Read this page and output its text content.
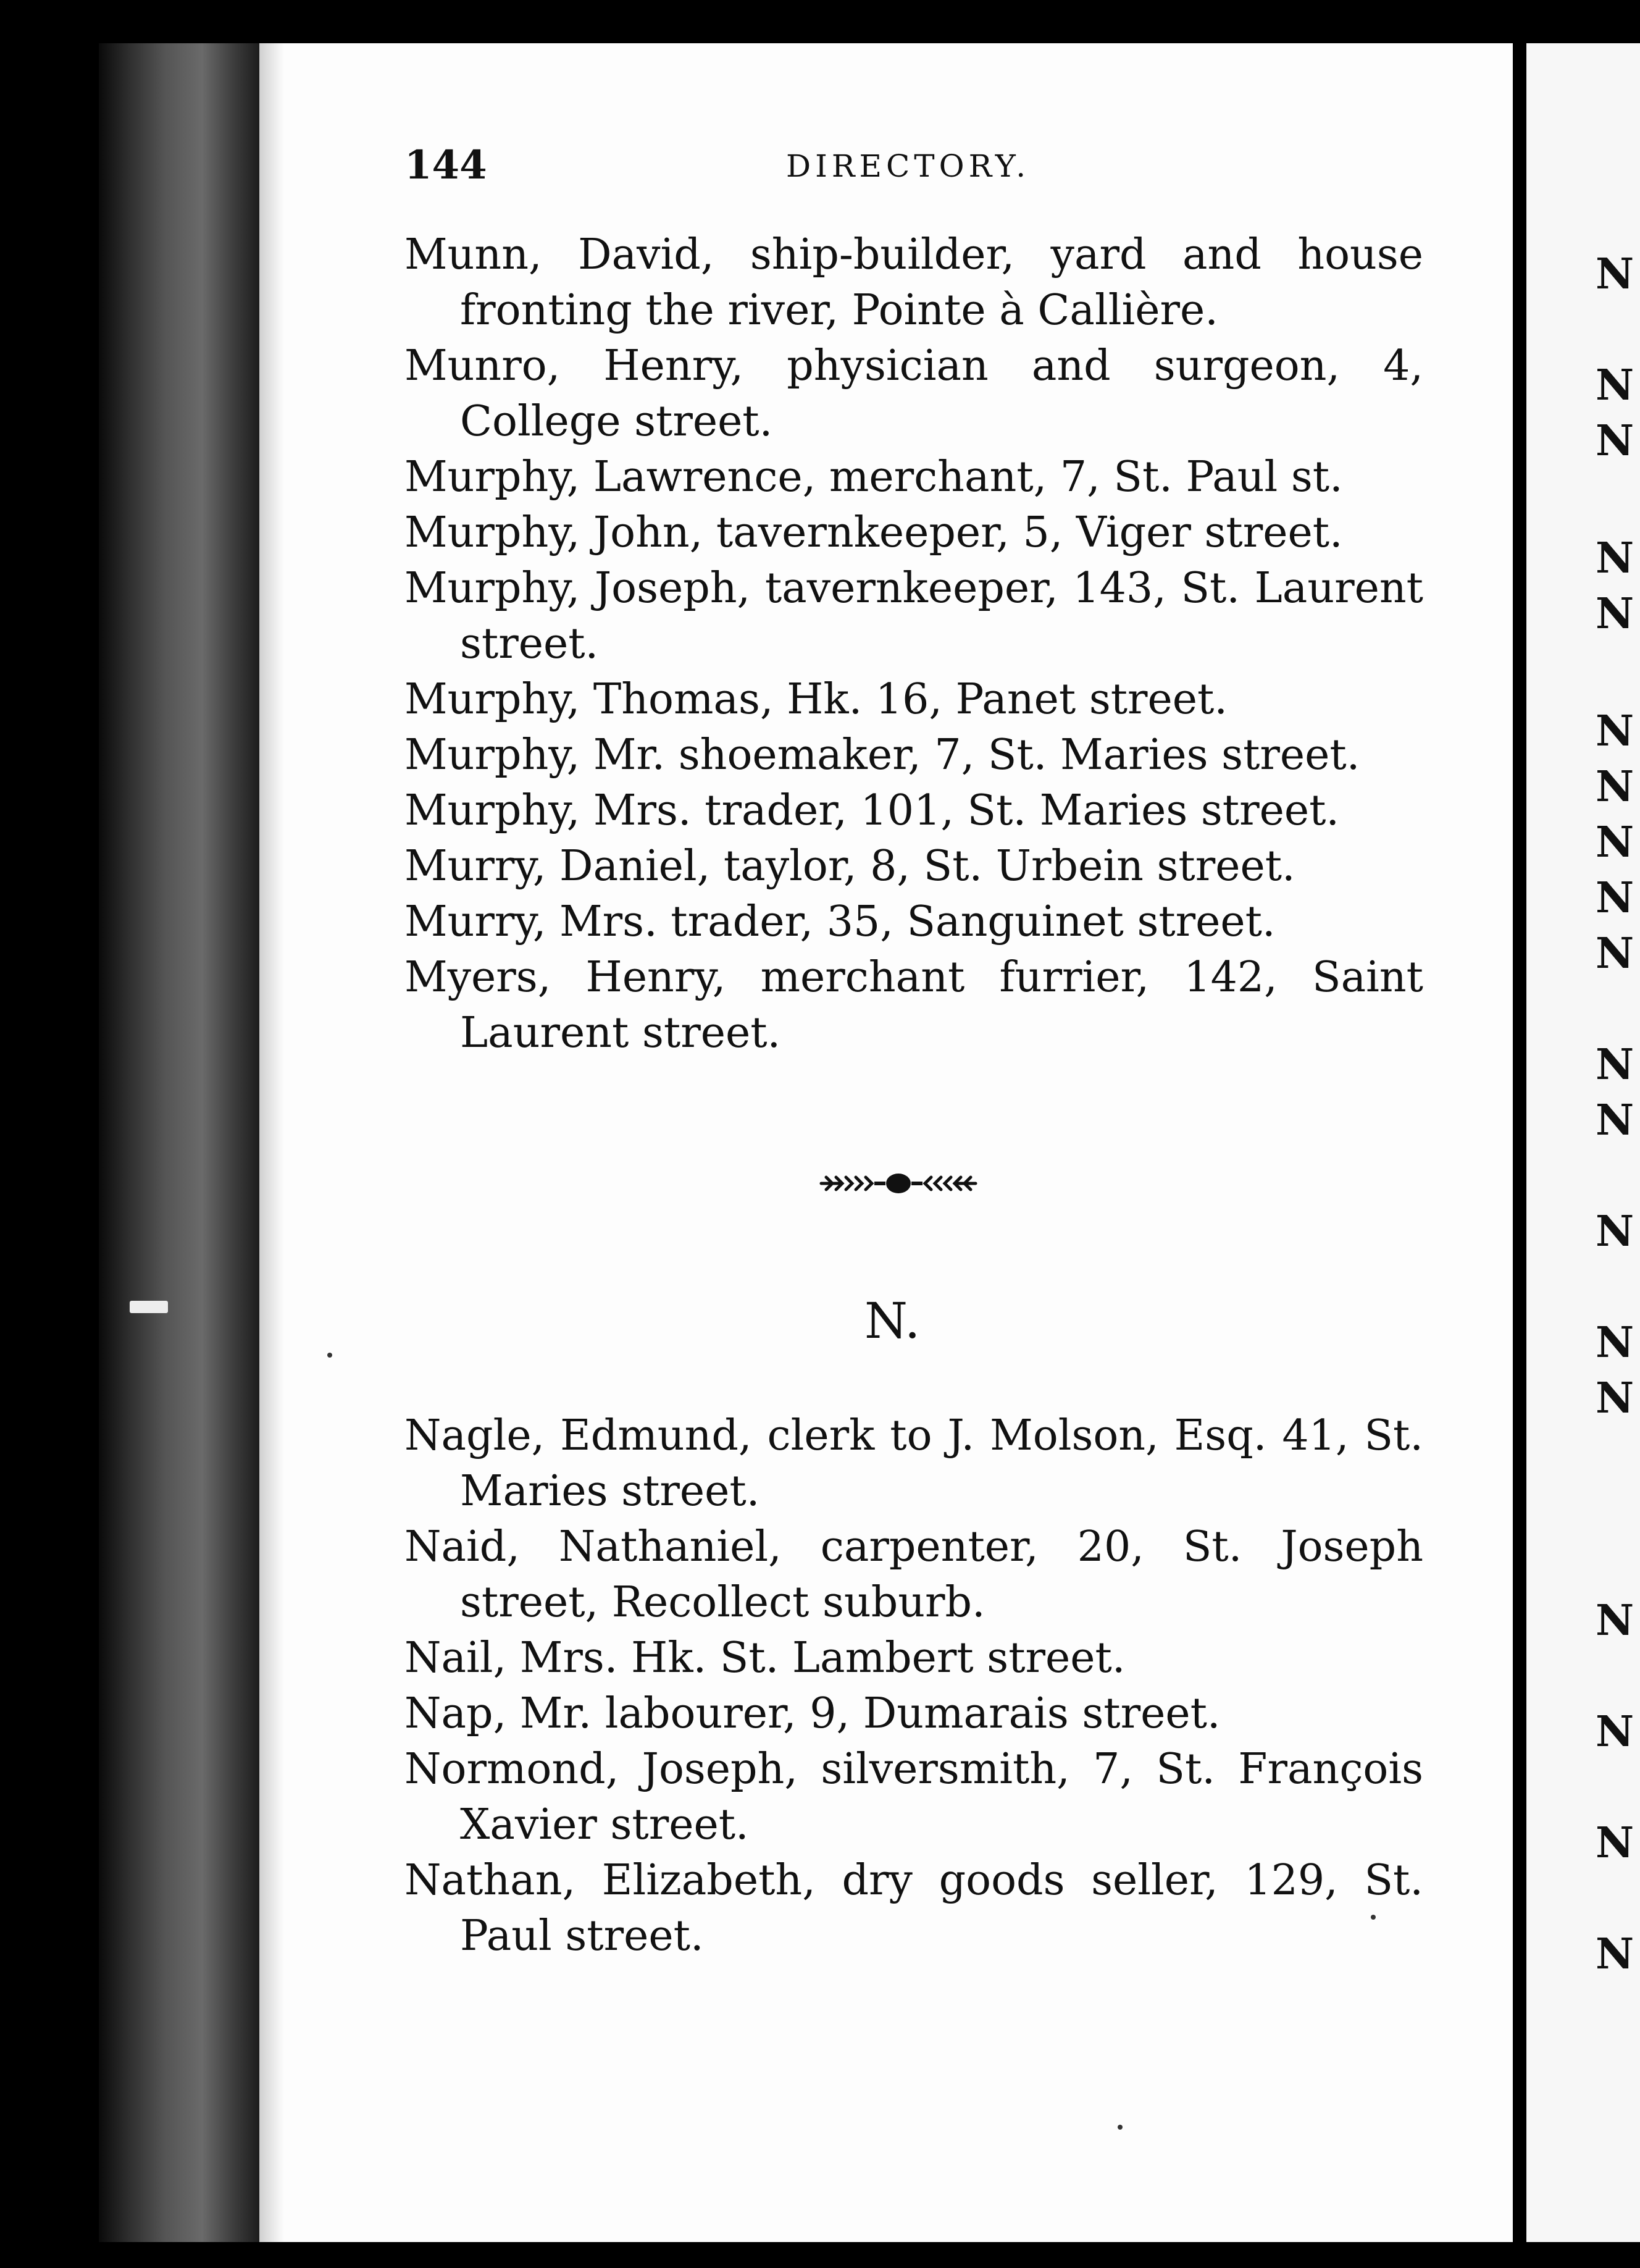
N
N
N
N
N
N
N
N
N
N
N
N
N
N
N
N
N
N
N
144	DIRECTORY.
Munn, David, ship-builder, yard and house fronting the river, Pointe à Callière.
Munro, Henry, physician and surgeon, 4, College street.
Murphy, Lawrence, merchant, 7, St. Paul st.
Murphy, John, tavernkeeper, 5, Viger street.
Murphy, Joseph, tavernkeeper, 143, St. Laurent street.
Murphy, Thomas, Hk. 16, Panet street.
Murphy, Mr. shoemaker, 7, St. Maries street.
Murphy, Mrs. trader, 101, St. Maries street.
Murry, Daniel, taylor, 8, St. Urbein street.
Murry, Mrs. trader, 35, Sanguinet street.
Myers, Henry, merchant furrier, 142, Saint Laurent street.
N.
Nagle, Edmund, clerk to J. Molson, Esq. 41, St. Maries street.
Naid, Nathaniel, carpenter, 20, St. Joseph street, Recollect suburb.
Nail, Mrs. Hk. St. Lambert street.
Nap, Mr. labourer, 9, Dumarais street.
Normond, Joseph, silversmith, 7, St. François Xavier street.
Nathan, Elizabeth, dry goods seller, 129, St. Paul street.
